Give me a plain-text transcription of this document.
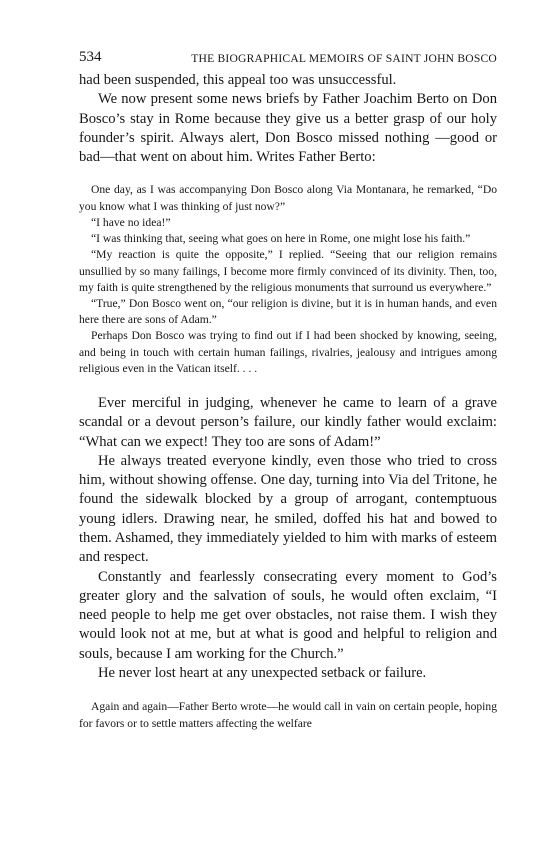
534	THE BIOGRAPHICAL MEMOIRS OF SAINT JOHN BOSCO

had been suspended, this appeal too was unsuccessful.

We now present some news briefs by Father Joachim Berto on Don Bosco’s stay in Rome because they give us a better grasp of our holy founder’s spirit. Always alert, Don Bosco missed nothing —good or bad—that went on about him. Writes Father Berto:

One day, as I was accompanying Don Bosco along Via Montanara, he remarked, “Do you know what I was thinking of just now?”

“I have no idea!”

“I was thinking that, seeing what goes on here in Rome, one might lose his faith.”

“My reaction is quite the opposite,” I replied. “Seeing that our religion remains unsullied by so many failings, I become more firmly convinced of its divinity. Then, too, my faith is quite strengthened by the religious monuments that surround us everywhere.”

“True,” Don Bosco went on, “our religion is divine, but it is in human hands, and even here there are sons of Adam.”

Perhaps Don Bosco was trying to find out if I had been shocked by knowing, seeing, and being in touch with certain human failings, rivalries, jealousy and intrigues among religious even in the Vatican itself. . . .

Ever merciful in judging, whenever he came to learn of a grave scandal or a devout person’s failure, our kindly father would exclaim: “What can we expect! They too are sons of Adam!”

He always treated everyone kindly, even those who tried to cross him, without showing offense. One day, turning into Via del Tritone, he found the sidewalk blocked by a group of arrogant, contemptuous young idlers. Drawing near, he smiled, doffed his hat and bowed to them. Ashamed, they immediately yielded to him with marks of esteem and respect.

Constantly and fearlessly consecrating every moment to God’s greater glory and the salvation of souls, he would often exclaim, “I need people to help me get over obstacles, not raise them. I wish they would look not at me, but at what is good and helpful to religion and souls, because I am working for the Church.”

He never lost heart at any unexpected setback or failure.

Again and again—Father Berto wrote—he would call in vain on certain people, hoping for favors or to settle matters affecting the welfare
